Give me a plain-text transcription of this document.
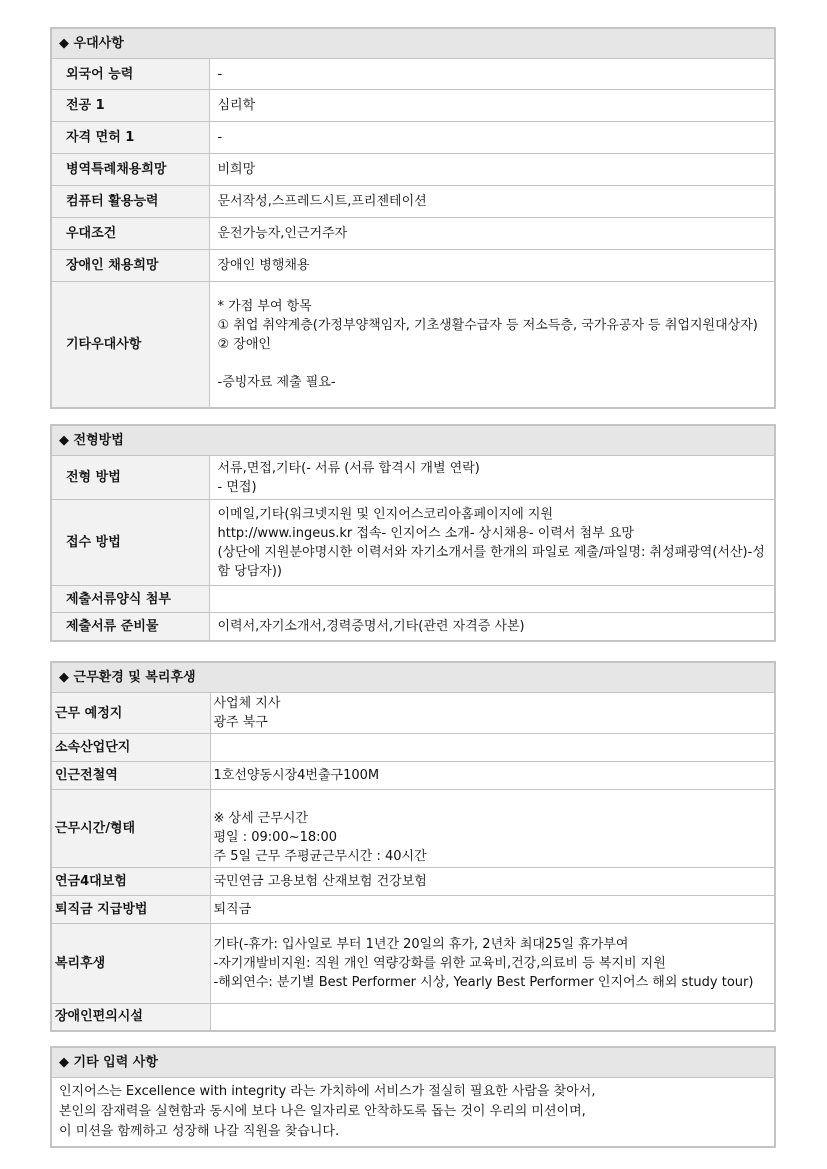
◆ 우대사항	
외국어 능력	-
전공 1	심리학
자격 면허 1	-
병역특례채용희망	비희망
컴퓨터 활용능력	문서작성,스프레드시트,프리젠테이션
우대조건	운전가능자,인근거주자
장애인 채용희망	장애인 병행채용
기타우대사항	* 가점 부여 항목
① 취업 취약계층(가정부양책임자, 기초생활수급자 등 저소득층, 국가유공자 등 취업지원대상자)
② 장애인

-증빙자료 제출 필요-
◆ 전형방법	
전형 방법	서류,면접,기타(- 서류 (서류 합격시 개별 연락)
- 면접)
접수 방법	이메일,기타(워크넷지원 및 인지어스코리아홈페이지에 지원
http://www.ingeus.kr 접속- 인지어스 소개- 상시채용- 이력서 첨부 요망
(상단에 지원분야명시한 이력서와 자기소개서를 한개의 파일로 제출/파일명: 취성패광역(서산)-성함 당담자))
제출서류양식 첨부	
제출서류 준비물	이력서,자기소개서,경력증명서,기타(관련 자격증 사본)
◆ 근무환경 및 복리후생	
근무 예정지	사업체 지사
광주 북구
소속산업단지	
인근전철역	1호선양동시장4번출구100M
근무시간/형태	※ 상세 근무시간
평일 : 09:00~18:00
주 5일 근무 주평균근무시간 : 40시간
연금4대보험	국민연금 고용보험 산재보험 건강보험
퇴직금 지급방법	퇴직금
복리후생	기타(-휴가: 입사일로 부터 1년간 20일의 휴가, 2년차 최대25일 휴가부여
-자기개발비지원: 직원 개인 역량강화를 위한 교육비,건강,의료비 등 복지비 지원
-해외연수: 분기별 Best Performer 시상, Yearly Best Performer 인지어스 해외 study tour)
장애인편의시설	
◆ 기타 입력 사항
인지어스는 Excellence with integrity 라는 가치하에 서비스가 절실히 필요한 사람을 찾아서,
본인의 잠재력을 실현함과 동시에 보다 나은 일자리로 안착하도록 돕는 것이 우리의 미션이며,
이 미션을 함께하고 성장해 나갈 직원을 찾습니다.
